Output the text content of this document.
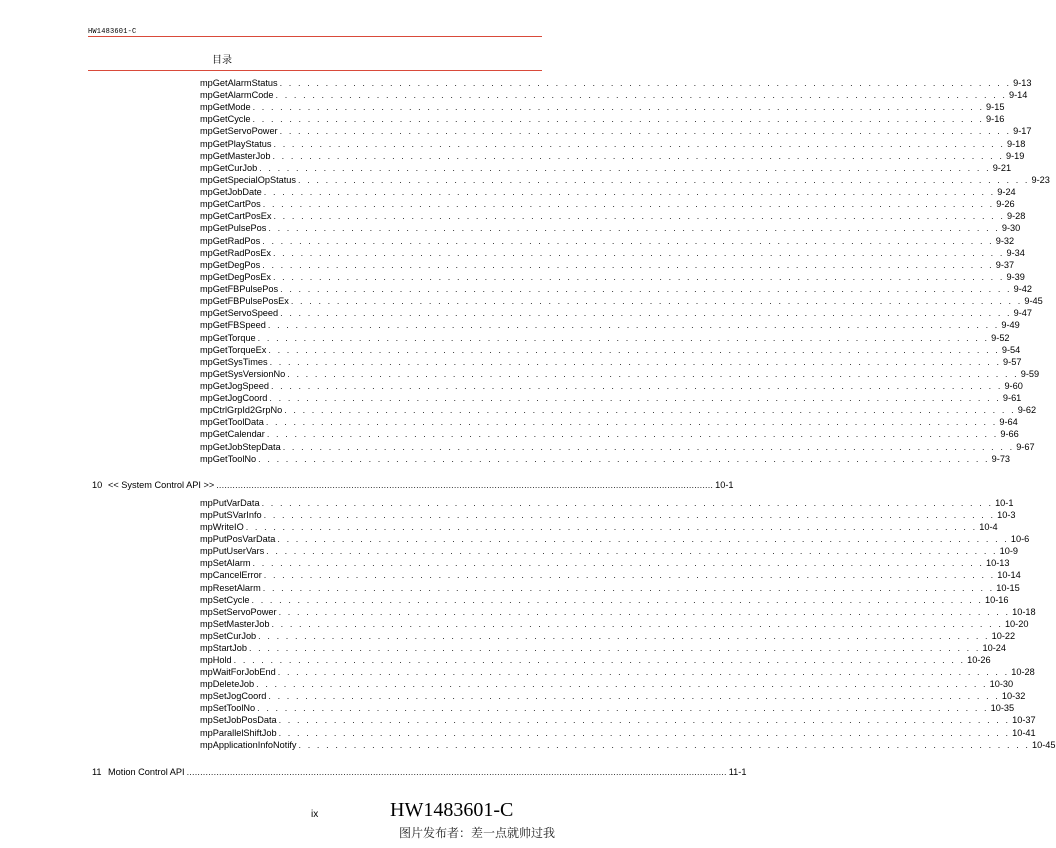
HW1483601-C
目录
10 << System Control API >> ........................................................................................................................................................................................ 10-1
11 Motion Control API ........................................................................................................................................................................................................ 11-1
mpGetAlarmStatus . . . . . . . . . . . . . . . . . . . . . . . . . . . . . . . . . . . . . . . . . . . . . . . . . . . . . . . . . . . . . . . . . . . . . . . . . . . . . . . . 9-13
mpGetAlarmCode . . . . . . . . . . . . . . . . . . . . . . . . . . . . . . . . . . . . . . . . . . . . . . . . . . . . . . . . . . . . . . . . . . . . . . . . . . . . . . . . 9-14
mpGetMode . . . . . . . . . . . . . . . . . . . . . . . . . . . . . . . . . . . . . . . . . . . . . . . . . . . . . . . . . . . . . . . . . . . . . . . . . . . . . . . . 9-15
mpGetCycle . . . . . . . . . . . . . . . . . . . . . . . . . . . . . . . . . . . . . . . . . . . . . . . . . . . . . . . . . . . . . . . . . . . . . . . . . . . . . . . . 9-16
mpGetServoPower . . . . . . . . . . . . . . . . . . . . . . . . . . . . . . . . . . . . . . . . . . . . . . . . . . . . . . . . . . . . . . . . . . . . . . . . . . . . . . . . 9-17
mpGetPlayStatus . . . . . . . . . . . . . . . . . . . . . . . . . . . . . . . . . . . . . . . . . . . . . . . . . . . . . . . . . . . . . . . . . . . . . . . . . . . . . . . . 9-18
mpGetMasterJob . . . . . . . . . . . . . . . . . . . . . . . . . . . . . . . . . . . . . . . . . . . . . . . . . . . . . . . . . . . . . . . . . . . . . . . . . . . . . . . . 9-19
mpGetCurJob . . . . . . . . . . . . . . . . . . . . . . . . . . . . . . . . . . . . . . . . . . . . . . . . . . . . . . . . . . . . . . . . . . . . . . . . . . . . . . . . 9-21
mpGetSpecialOpStatus . . . . . . . . . . . . . . . . . . . . . . . . . . . . . . . . . . . . . . . . . . . . . . . . . . . . . . . . . . . . . . . . . . . . . . . . . . . . . . . . 9-23
mpGetJobDate . . . . . . . . . . . . . . . . . . . . . . . . . . . . . . . . . . . . . . . . . . . . . . . . . . . . . . . . . . . . . . . . . . . . . . . . . . . . . . . . 9-24
mpGetCartPos . . . . . . . . . . . . . . . . . . . . . . . . . . . . . . . . . . . . . . . . . . . . . . . . . . . . . . . . . . . . . . . . . . . . . . . . . . . . . . . . 9-26
mpGetCartPosEx . . . . . . . . . . . . . . . . . . . . . . . . . . . . . . . . . . . . . . . . . . . . . . . . . . . . . . . . . . . . . . . . . . . . . . . . . . . . . . . . 9-28
mpGetPulsePos . . . . . . . . . . . . . . . . . . . . . . . . . . . . . . . . . . . . . . . . . . . . . . . . . . . . . . . . . . . . . . . . . . . . . . . . . . . . . . . . 9-30
mpGetRadPos . . . . . . . . . . . . . . . . . . . . . . . . . . . . . . . . . . . . . . . . . . . . . . . . . . . . . . . . . . . . . . . . . . . . . . . . . . . . . . . . 9-32
mpGetRadPosEx . . . . . . . . . . . . . . . . . . . . . . . . . . . . . . . . . . . . . . . . . . . . . . . . . . . . . . . . . . . . . . . . . . . . . . . . . . . . . . . . 9-34
mpGetDegPos . . . . . . . . . . . . . . . . . . . . . . . . . . . . . . . . . . . . . . . . . . . . . . . . . . . . . . . . . . . . . . . . . . . . . . . . . . . . . . . . 9-37
mpGetDegPosEx . . . . . . . . . . . . . . . . . . . . . . . . . . . . . . . . . . . . . . . . . . . . . . . . . . . . . . . . . . . . . . . . . . . . . . . . . . . . . . . . 9-39
mpGetFBPulsePos . . . . . . . . . . . . . . . . . . . . . . . . . . . . . . . . . . . . . . . . . . . . . . . . . . . . . . . . . . . . . . . . . . . . . . . . . . . . . . . . 9-42
mpGetFBPulsePosEx . . . . . . . . . . . . . . . . . . . . . . . . . . . . . . . . . . . . . . . . . . . . . . . . . . . . . . . . . . . . . . . . . . . . . . . . . . . . . . . . 9-45
mpGetServoSpeed . . . . . . . . . . . . . . . . . . . . . . . . . . . . . . . . . . . . . . . . . . . . . . . . . . . . . . . . . . . . . . . . . . . . . . . . . . . . . . . . 9-47
mpGetFBSpeed . . . . . . . . . . . . . . . . . . . . . . . . . . . . . . . . . . . . . . . . . . . . . . . . . . . . . . . . . . . . . . . . . . . . . . . . . . . . . . . . 9-49
mpGetTorque . . . . . . . . . . . . . . . . . . . . . . . . . . . . . . . . . . . . . . . . . . . . . . . . . . . . . . . . . . . . . . . . . . . . . . . . . . . . . . . . 9-52
mpGetTorqueEx . . . . . . . . . . . . . . . . . . . . . . . . . . . . . . . . . . . . . . . . . . . . . . . . . . . . . . . . . . . . . . . . . . . . . . . . . . . . . . . . 9-54
mpGetSysTimes . . . . . . . . . . . . . . . . . . . . . . . . . . . . . . . . . . . . . . . . . . . . . . . . . . . . . . . . . . . . . . . . . . . . . . . . . . . . . . . . 9-57
mpGetSysVersionNo . . . . . . . . . . . . . . . . . . . . . . . . . . . . . . . . . . . . . . . . . . . . . . . . . . . . . . . . . . . . . . . . . . . . . . . . . . . . . . . . 9-59
mpGetJogSpeed . . . . . . . . . . . . . . . . . . . . . . . . . . . . . . . . . . . . . . . . . . . . . . . . . . . . . . . . . . . . . . . . . . . . . . . . . . . . . . . . 9-60
mpGetJogCoord . . . . . . . . . . . . . . . . . . . . . . . . . . . . . . . . . . . . . . . . . . . . . . . . . . . . . . . . . . . . . . . . . . . . . . . . . . . . . . . . 9-61
mpCtrlGrpId2GrpNo . . . . . . . . . . . . . . . . . . . . . . . . . . . . . . . . . . . . . . . . . . . . . . . . . . . . . . . . . . . . . . . . . . . . . . . . . . . . . . . . 9-62
mpGetToolData . . . . . . . . . . . . . . . . . . . . . . . . . . . . . . . . . . . . . . . . . . . . . . . . . . . . . . . . . . . . . . . . . . . . . . . . . . . . . . . . 9-64
mpGetCalendar . . . . . . . . . . . . . . . . . . . . . . . . . . . . . . . . . . . . . . . . . . . . . . . . . . . . . . . . . . . . . . . . . . . . . . . . . . . . . . . . 9-66
mpGetJobStepData . . . . . . . . . . . . . . . . . . . . . . . . . . . . . . . . . . . . . . . . . . . . . . . . . . . . . . . . . . . . . . . . . . . . . . . . . . . . . . . . 9-67
mpGetToolNo . . . . . . . . . . . . . . . . . . . . . . . . . . . . . . . . . . . . . . . . . . . . . . . . . . . . . . . . . . . . . . . . . . . . . . . . . . . . . . . . 9-73
mpPutVarData . . . . . . . . . . . . . . . . . . . . . . . . . . . . . . . . . . . . . . . . . . . . . . . . . . . . . . . . . . . . . . . . . . . . . . . . . . . . . . . . 10-1
mpPutSVarInfo . . . . . . . . . . . . . . . . . . . . . . . . . . . . . . . . . . . . . . . . . . . . . . . . . . . . . . . . . . . . . . . . . . . . . . . . . . . . . . . . 10-3
mpWriteIO . . . . . . . . . . . . . . . . . . . . . . . . . . . . . . . . . . . . . . . . . . . . . . . . . . . . . . . . . . . . . . . . . . . . . . . . . . . . . . . . 10-4
mpPutPosVarData . . . . . . . . . . . . . . . . . . . . . . . . . . . . . . . . . . . . . . . . . . . . . . . . . . . . . . . . . . . . . . . . . . . . . . . . . . . . . . . . 10-6
mpPutUserVars . . . . . . . . . . . . . . . . . . . . . . . . . . . . . . . . . . . . . . . . . . . . . . . . . . . . . . . . . . . . . . . . . . . . . . . . . . . . . . . . 10-9
mpSetAlarm . . . . . . . . . . . . . . . . . . . . . . . . . . . . . . . . . . . . . . . . . . . . . . . . . . . . . . . . . . . . . . . . . . . . . . . . . . . . . . . . 10-13
mpCancelError . . . . . . . . . . . . . . . . . . . . . . . . . . . . . . . . . . . . . . . . . . . . . . . . . . . . . . . . . . . . . . . . . . . . . . . . . . . . . . . . 10-14
mpResetAlarm . . . . . . . . . . . . . . . . . . . . . . . . . . . . . . . . . . . . . . . . . . . . . . . . . . . . . . . . . . . . . . . . . . . . . . . . . . . . . . . . 10-15
mpSetCycle . . . . . . . . . . . . . . . . . . . . . . . . . . . . . . . . . . . . . . . . . . . . . . . . . . . . . . . . . . . . . . . . . . . . . . . . . . . . . . . . 10-16
mpSetServoPower . . . . . . . . . . . . . . . . . . . . . . . . . . . . . . . . . . . . . . . . . . . . . . . . . . . . . . . . . . . . . . . . . . . . . . . . . . . . . . . . 10-18
mpSetMasterJob . . . . . . . . . . . . . . . . . . . . . . . . . . . . . . . . . . . . . . . . . . . . . . . . . . . . . . . . . . . . . . . . . . . . . . . . . . . . . . . . 10-20
mpSetCurJob . . . . . . . . . . . . . . . . . . . . . . . . . . . . . . . . . . . . . . . . . . . . . . . . . . . . . . . . . . . . . . . . . . . . . . . . . . . . . . . . 10-22
mpStartJob . . . . . . . . . . . . . . . . . . . . . . . . . . . . . . . . . . . . . . . . . . . . . . . . . . . . . . . . . . . . . . . . . . . . . . . . . . . . . . . . 10-24
mpHold . . . . . . . . . . . . . . . . . . . . . . . . . . . . . . . . . . . . . . . . . . . . . . . . . . . . . . . . . . . . . . . . . . . . . . . . . . . . . . . . 10-26
mpWaitForJobEnd . . . . . . . . . . . . . . . . . . . . . . . . . . . . . . . . . . . . . . . . . . . . . . . . . . . . . . . . . . . . . . . . . . . . . . . . . . . . . . . . 10-28
mpDeleteJob . . . . . . . . . . . . . . . . . . . . . . . . . . . . . . . . . . . . . . . . . . . . . . . . . . . . . . . . . . . . . . . . . . . . . . . . . . . . . . . . 10-30
mpSetJogCoord . . . . . . . . . . . . . . . . . . . . . . . . . . . . . . . . . . . . . . . . . . . . . . . . . . . . . . . . . . . . . . . . . . . . . . . . . . . . . . . . 10-32
mpSetToolNo . . . . . . . . . . . . . . . . . . . . . . . . . . . . . . . . . . . . . . . . . . . . . . . . . . . . . . . . . . . . . . . . . . . . . . . . . . . . . . . . 10-35
mpSetJobPosData . . . . . . . . . . . . . . . . . . . . . . . . . . . . . . . . . . . . . . . . . . . . . . . . . . . . . . . . . . . . . . . . . . . . . . . . . . . . . . . . 10-37
mpParallelShiftJob . . . . . . . . . . . . . . . . . . . . . . . . . . . . . . . . . . . . . . . . . . . . . . . . . . . . . . . . . . . . . . . . . . . . . . . . . . . . . . . . 10-41
mpApplicationInfoNotify . . . . . . . . . . . . . . . . . . . . . . . . . . . . . . . . . . . . . . . . . . . . . . . . . . . . . . . . . . . . . . . . . . . . . . . . . . . . . . . . 10-45
ix	HW1483601-C
图片发布者：差一点就帅过我
